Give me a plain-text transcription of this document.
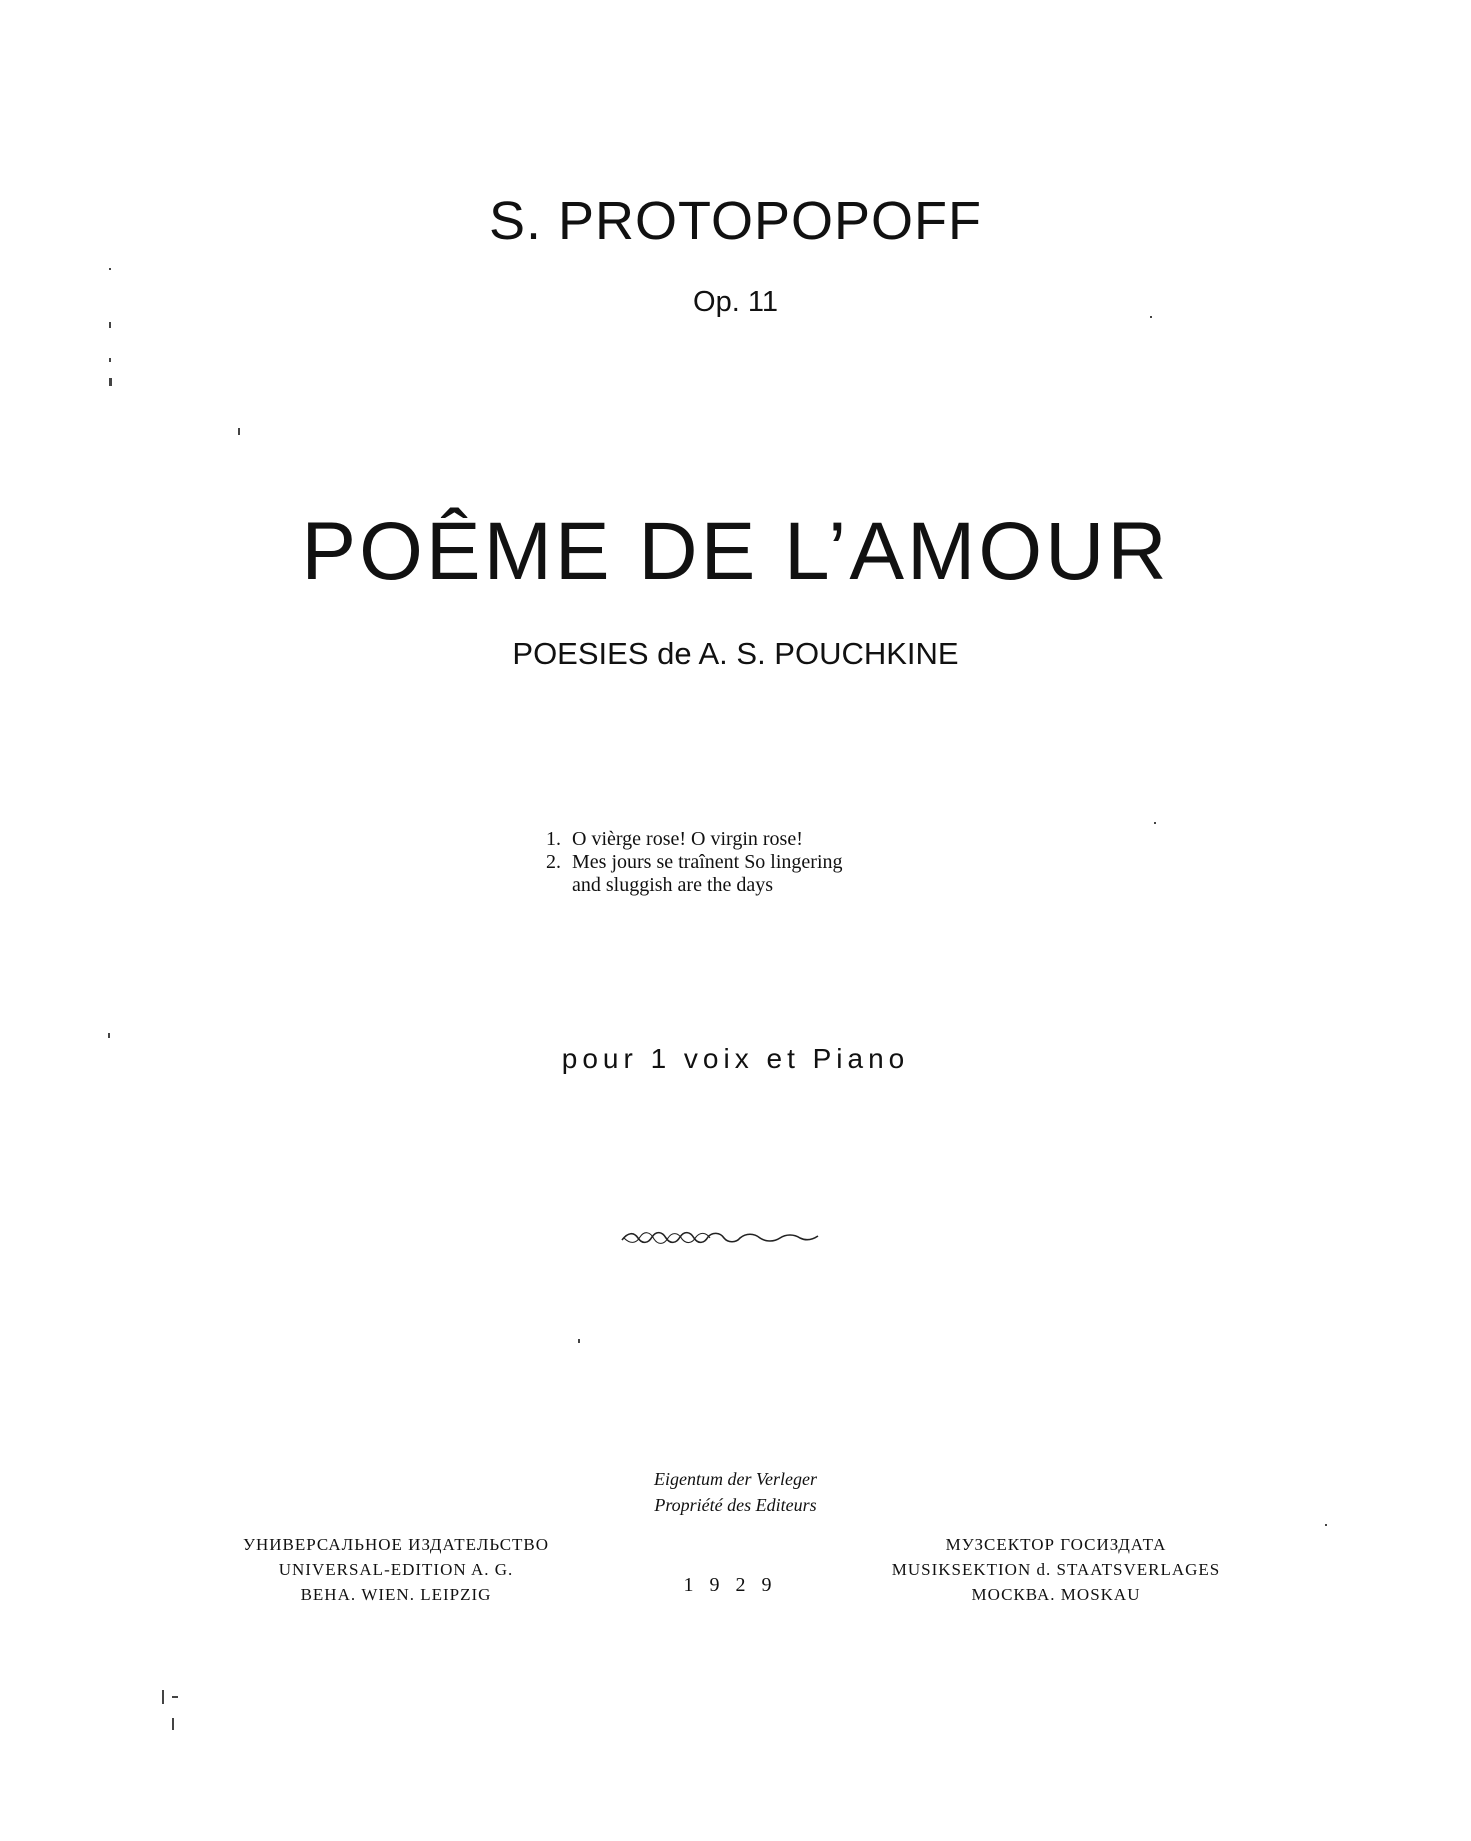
S. PROTOPOPOFF
Op. 11
POÊME DE L’AMOUR
POESIES de A. S. POUCHKINE
1. O vièrge rose! O virgin rose!
2. Mes jours se traînent So lingering
and sluggish are the days
pour 1 voix et Piano
Eigentum der Verleger
Propriété des Editeurs
УНИВЕРСАЛЬНОЕ ИЗДАТЕЛЬСТВО
UNIVERSAL-EDITION A. G.
ВЕНА. WIEN. LEIPZIG	1929
МУЗСЕКТОР ГОСИЗДАТА
MUSIKSEKTION d. STAATSVERLAGES
МОСКВА. MOSKAU
